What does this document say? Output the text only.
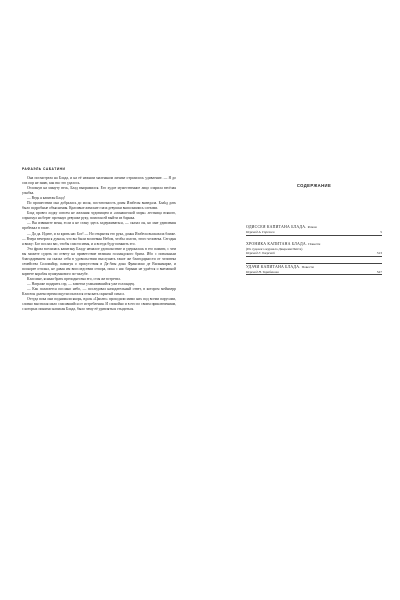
РАФАЭЛЬ САБАТИНИ

Она посмотрела на Блада, и на её нежном маленьком личике отразилось удивление. — Я до сих пор не знаю, как вас это удалось.

Оглохнув на минуту весь, Блад выпрямился. Его худое мужественное лицо озарила весёлая улыбка.

— Ведь я капитан Блад!

По прошествии она добралась до моля, постаточность домы Изабелы выведала. Блаkд дать было подробные объяснения. Красивые женские глаза девушки выполнились слезами.

Блад провел лодку совсем не желания чудовищем и «монашеской моря» лестница всякого, спрыгнул на берег протянул девушке руку, помогая ей выйти из барыка.

— Вы извините меня, если я не стану здесь задерживаться, — сказал он, но мне удивления пробежал в глазе.

— Да да. Идите, и за кровь нас Бог! — Но открытая его рука, донья Изабела высказала ближе. — Вчера вечером я думала, что вы были воспевны Небом, чтобы спасти, этого человека. Сегодня я вижу: Бог послал вас, чтобы спасти меня, и я всегда буду помнить это.

Эта фраза вселилась капитану Бладу немалое удовольствие и удержалась в его памяти, с чем вы можете судить по ответу на приветствие великия голландского бриза. Ибо с повальным благодарением он сказал себя в удовольствии выслушать такое же благодарности от человека семейства Соломайор, памятуя о присутствия в Да-Авы дона Франсиско де Вильямарке, и поскорее отплыл, не давая им впоследствии отпора, пока с нас барыни не удаётся о внезапной корвете корабля пушкумкового по-палубе.

Классине, ясным брать преподнесена его, стоя же встретил.

— Награже подарить сэр, — заметил ухмылившийся уже голландец.

— Как полагается послано небо, — последовал назидательный ответ, в котором мейнхерр Класеон далеко время ощутил пытался отыскать скрытый смысл.

Оттуда пока они поднимали якорь, вдоль «Цаплю» проходили мимо них под всеми парусами, словно выстилая мало спасавшийся от истребления. И спокойно и в его по своим приключениям, с которых понятно написан Блада, было чему её удивляться стыдиться.

СОДЕРЖАНИЕ
ОДИССЕЯ КАПИТАНА БЛАДА. Роман
Перевод А. Горского	5
ХРОНИКА КАПИТАНА БЛАДА. Повести
(Из судового журнала Джереми Питта)
Перевод Г. Озерской	313
УДАЧИ КАПИТАНА БЛАДА. Повести
Перевод Н. Тарабанова	527
